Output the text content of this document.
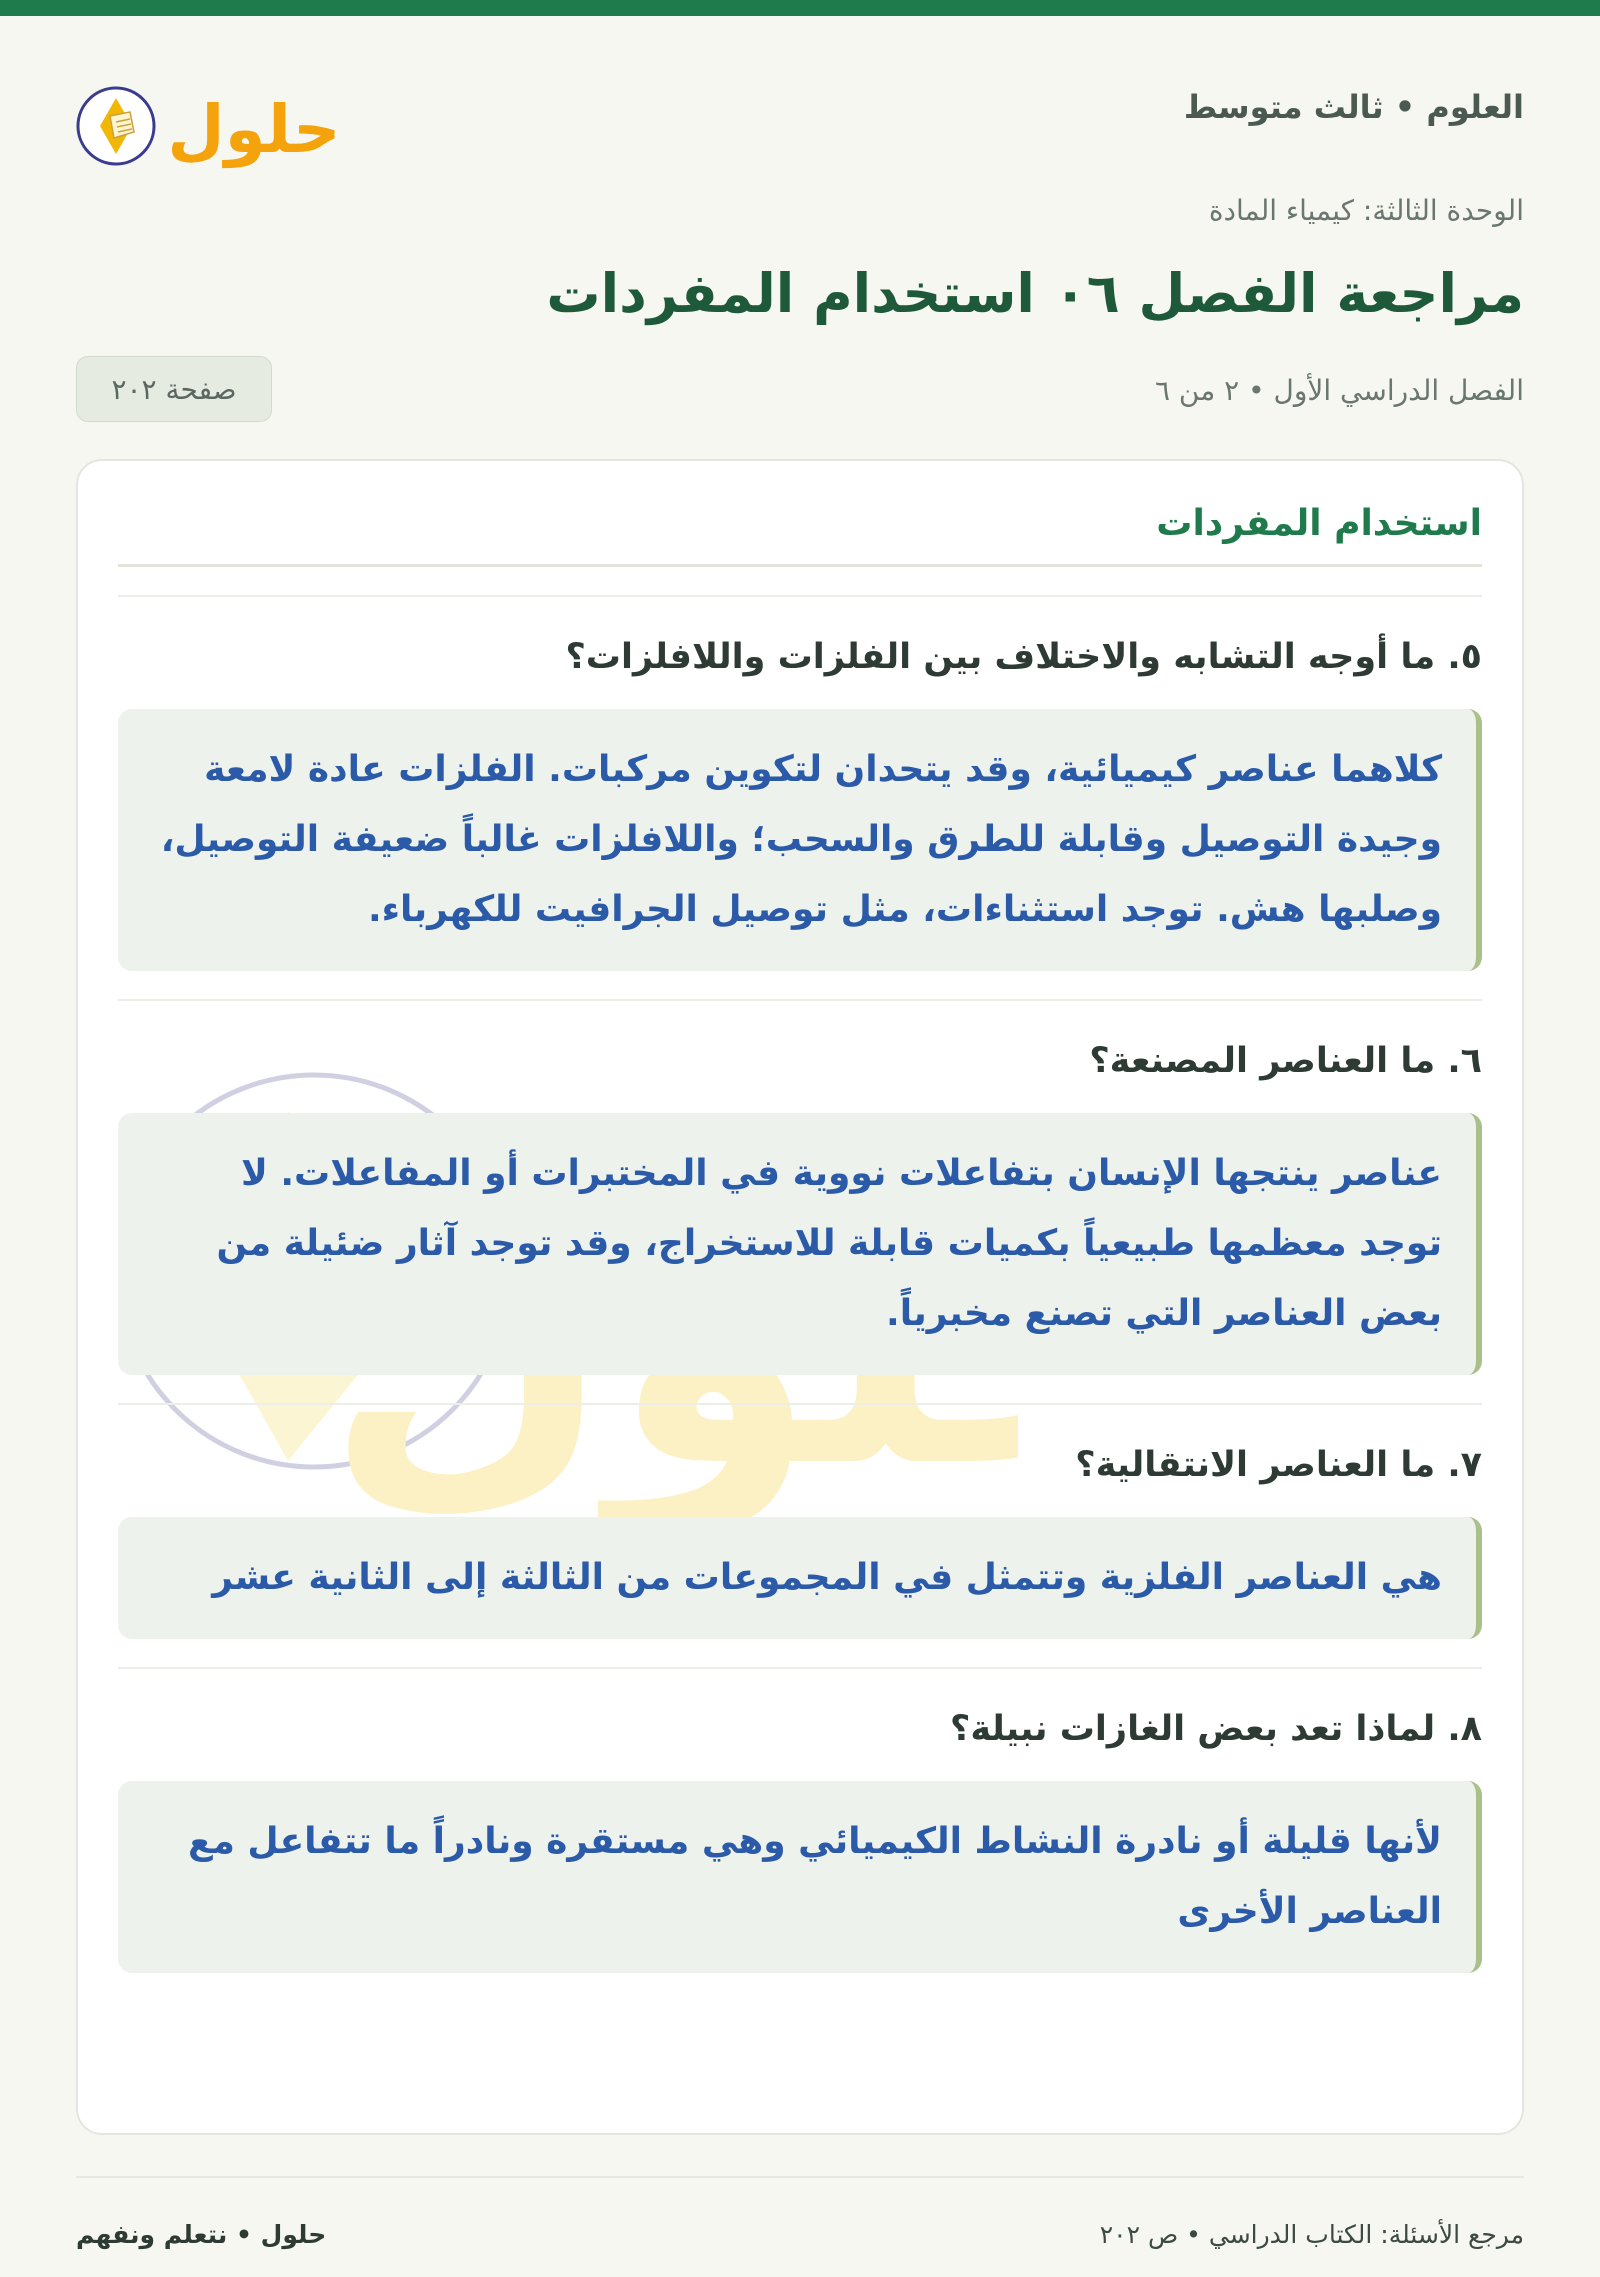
العلوم • ثالث متوسط
حلول
الوحدة الثالثة: كيمياء المادة
مراجعة الفصل ٠٦ استخدام المفردات
الفصل الدراسي الأول • ٢ من ٦
صفحة ٢٠٢
استخدام المفردات
٥. ما أوجه التشابه والاختلاف بين الفلزات واللافلزات؟
كلاهما عناصر كيميائية، وقد يتحدان لتكوين مركبات. الفلزات عادة لامعة وجيدة التوصيل وقابلة للطرق والسحب؛ واللافلزات غالباً ضعيفة التوصيل، وصلبها هش. توجد استثناءات، مثل توصيل الجرافيت للكهرباء.
٦. ما العناصر المصنعة؟
عناصر ينتجها الإنسان بتفاعلات نووية في المختبرات أو المفاعلات. لا توجد معظمها طبيعياً بكميات قابلة للاستخراج، وقد توجد آثار ضئيلة من بعض العناصر التي تصنع مخبرياً.
٧. ما العناصر الانتقالية؟
هي العناصر الفلزية وتتمثل في المجموعات من الثالثة إلى الثانية عشر
٨. لماذا تعد بعض الغازات نبيلة؟
لأنها قليلة أو نادرة النشاط الكيميائي وهي مستقرة ونادراً ما تتفاعل مع العناصر الأخرى
مرجع الأسئلة: الكتاب الدراسي • ص ٢٠٢
حلول • نتعلم ونفهم
